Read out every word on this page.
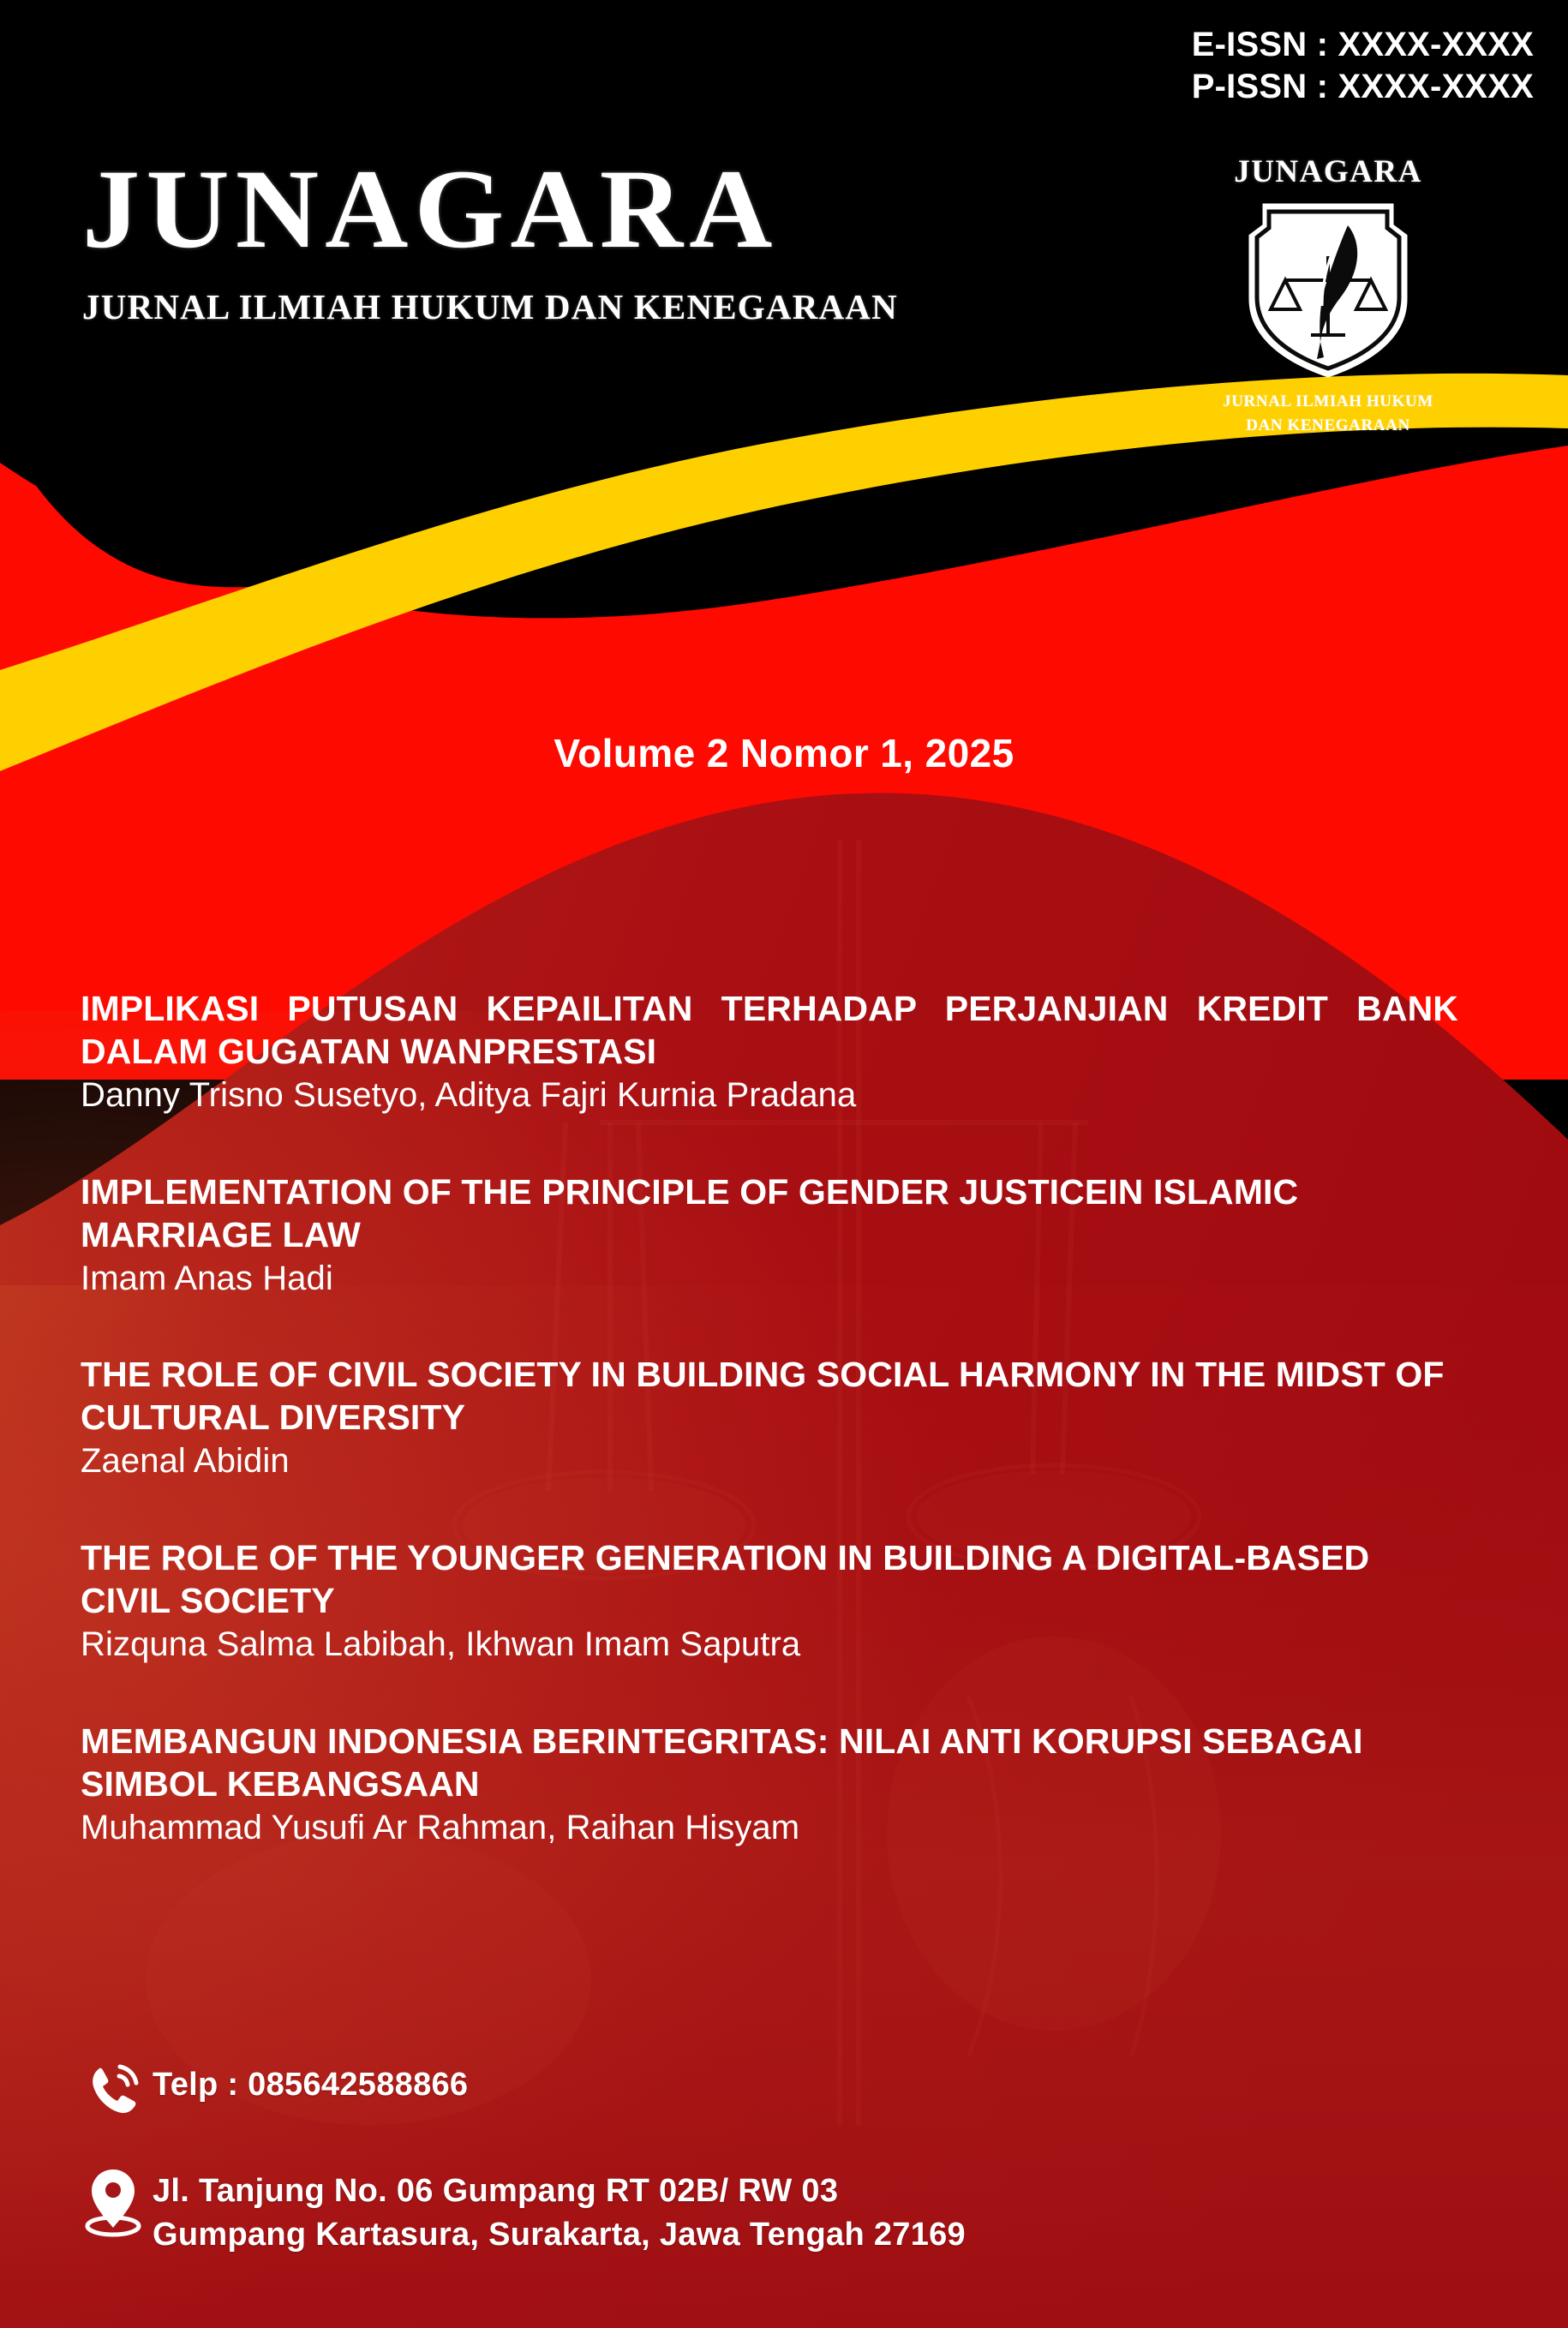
E-ISSN : XXXX-XXXX
P-ISSN : XXXX-XXXX
JUNAGARA
JURNAL ILMIAH HUKUM DAN KENEGARAAN
JUNAGARA
JURNAL ILMIAH HUKUM
DAN KENEGARAAN
Volume 2 Nomor 1, 2025
IMPLIKASI PUTUSAN KEPAILITAN TERHADAP PERJANJIAN KREDIT BANK DALAM GUGATAN WANPRESTASI
Danny Trisno Susetyo, Aditya Fajri Kurnia Pradana
IMPLEMENTATION OF THE PRINCIPLE OF GENDER JUSTICEIN ISLAMIC MARRIAGE LAW
Imam Anas Hadi
THE ROLE OF CIVIL SOCIETY IN BUILDING SOCIAL HARMONY IN THE MIDST OF CULTURAL DIVERSITY
Zaenal Abidin
THE ROLE OF THE YOUNGER GENERATION IN BUILDING A DIGITAL-BASED CIVIL SOCIETY
Rizquna Salma Labibah, Ikhwan Imam Saputra
MEMBANGUN INDONESIA BERINTEGRITAS: NILAI ANTI KORUPSI SEBAGAI SIMBOL KEBANGSAAN
Muhammad Yusufi Ar Rahman, Raihan Hisyam
Telp : 085642588866
Jl. Tanjung No. 06 Gumpang RT 02B/ RW 03
Gumpang Kartasura, Surakarta, Jawa Tengah 27169
